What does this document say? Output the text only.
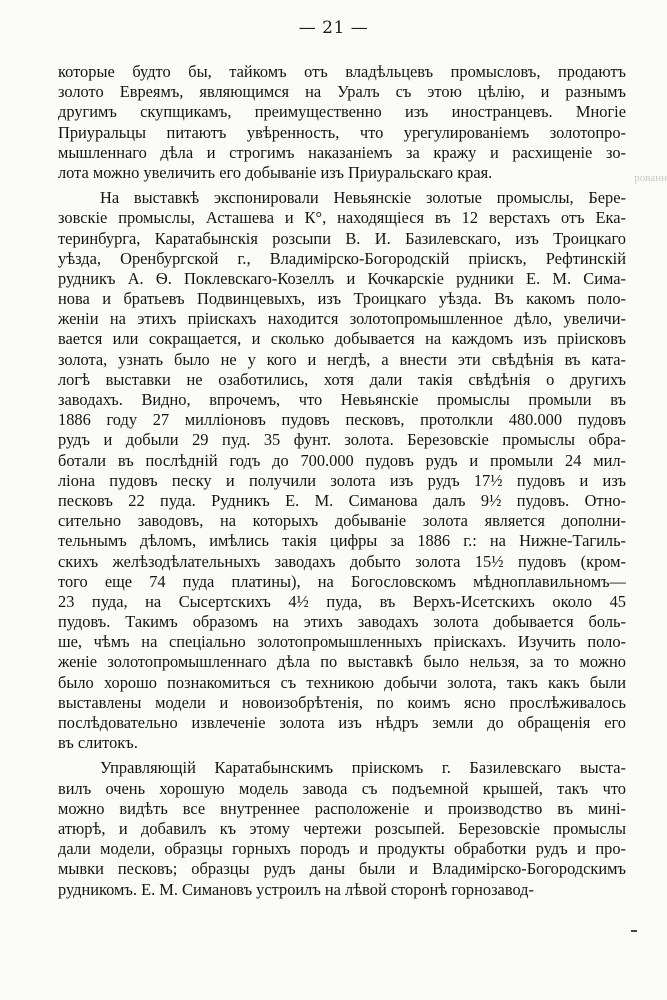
— 21 —
рованн
которые будто бы, тайкомъ отъ владѣльцевъ промысловъ, продаютъ
золото Евреямъ, являющимся на Уралъ съ этою цѣлію, и разнымъ
другимъ скупщикамъ, преимущественно изъ иностранцевъ. Многіе
Приуральцы питаютъ увѣренность, что урегулированіемъ золотопро-
мышленнаго дѣла и строгимъ наказаніемъ за кражу и расхищеніе зо-
лота можно увеличить его добываніе изъ Приуральскаго края.
На выставкѣ экспонировали Невьянскіе золотые промыслы, Бере-
зовскіе промыслы, Асташева и К°, находящіеся въ 12 верстахъ отъ Ека-
теринбурга, Каратабынскія розсыпи В. И. Базилевскаго, изъ Троицкаго
уѣзда, Оренбургской г., Владимірско-Богородскій пріискъ, Рефтинскій
рудникъ А. Ѳ. Поклевскаго-Козеллъ и Кочкарскіе рудники Е. М. Сима-
нова и братьевъ Подвинцевыхъ, изъ Троицкаго уѣзда. Въ какомъ поло-
женіи на этихъ пріискахъ находится золотопромышленное дѣло, увеличи-
вается или сокращается, и сколько добывается на каждомъ изъ пріисковъ
золота, узнать было не у кого и негдѣ, а внести эти свѣдѣнія въ ката-
логѣ выставки не озаботились, хотя дали такія свѣдѣнія о другихъ
заводахъ. Видно, впрочемъ, что Невьянскіе промыслы промыли въ
1886 году 27 милліоновъ пудовъ песковъ, протолкли 480.000 пудовъ
рудъ и добыли 29 пуд. 35 фунт. золота. Березовскіе промыслы обра-
ботали въ послѣдній годъ до 700.000 пудовъ рудъ и промыли 24 мил-
ліона пудовъ песку и получили золота изъ рудъ 17½ пудовъ и изъ
песковъ 22 пуда. Рудникъ Е. М. Симанова далъ 9½ пудовъ. Отно-
сительно заводовъ, на которыхъ добываніе золота является дополни-
тельнымъ дѣломъ, имѣлись такія цифры за 1886 г.: на Нижне-Тагиль-
скихъ желѣзодѣлательныхъ заводахъ добыто золота 15½ пудовъ (кром-
того еще 74 пуда платины), на Богословскомъ мѣдноплавильномъ—
23 пуда, на Сысертскихъ 4½ пуда, въ Верхъ-Исетскихъ около 45
пудовъ. Такимъ образомъ на этихъ заводахъ золота добывается боль-
ше, чѣмъ на спеціально золотопромышленныхъ пріискахъ. Изучить поло-
женіе золотопромышленнаго дѣла по выставкѣ было нельзя, за то можно
было хорошо познакомиться съ техникою добычи золота, такъ какъ были
выставлены модели и новоизобрѣтенія, по коимъ ясно прослѣживалось
послѣдовательно извлеченіе золота изъ нѣдръ земли до обращенія его
въ слитокъ.
Управляющій Каратабынскимъ пріискомъ г. Базилевскаго выста-
вилъ очень хорошую модель завода съ подъемной крышей, такъ что
можно видѣть все внутреннее расположеніе и производство въ мині-
атюрѣ, и добавилъ къ этому чертежи розсыпей. Березовскіе промыслы
дали модели, образцы горныхъ породъ и продукты обработки рудъ и про-
мывки песковъ; образцы рудъ даны были и Владимірско-Богородскимъ
рудникомъ. Е. М. Симановъ устроилъ на лѣвой сторонѣ горнозавод-
